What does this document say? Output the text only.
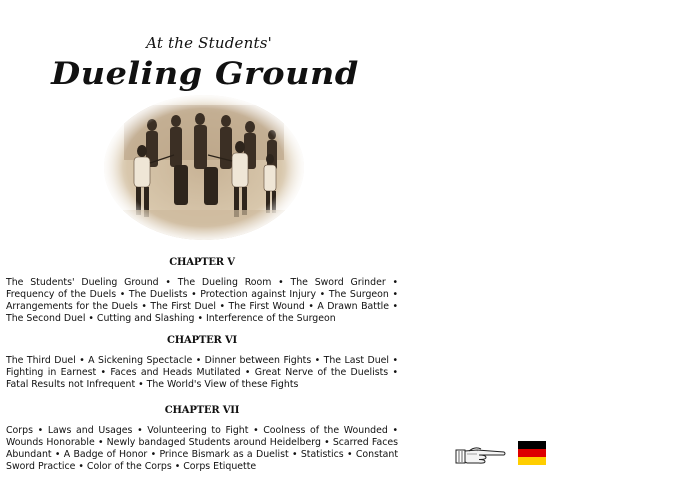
At the Students'
Dueling Ground
CHAPTER V

The Students' Dueling Ground • The Dueling Room • The Sword Grinder • Frequency of the Duels • The Duelists • Protection against Injury • The Surgeon • Arrangements for the Duels • The First Duel • The First Wound • A Drawn Battle • The Second Duel • Cutting and Slashing • Interference of the Surgeon

CHAPTER VI

The Third Duel • A Sickening Spectacle • Dinner between Fights • The Last Duel • Fighting in Earnest • Faces and Heads Mutilated • Great Nerve of the Duelists • Fatal Results not Infrequent • The World's View of these Fights

CHAPTER VII

Corps • Laws and Usages • Volunteering to Fight • Coolness of the Wounded • Wounds Honorable • Newly bandaged Students around Heidelberg • Scarred Faces Abundant • A Badge of Honor • Prince Bismark as a Duelist • Statistics • Constant Sword Practice • Color of the Corps • Corps Etiquette
